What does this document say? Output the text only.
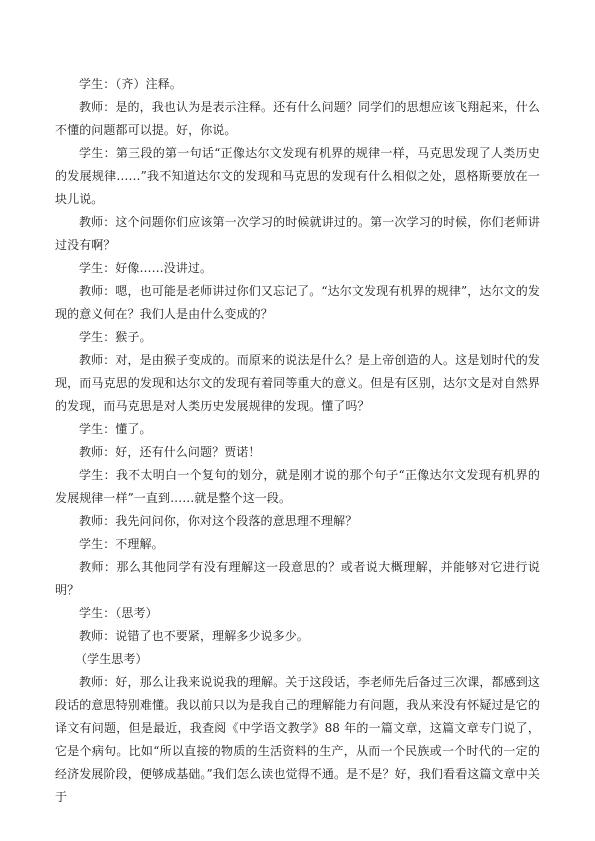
学生：（齐）注释。

教师：是的，我也认为是表示注释。还有什么问题？同学们的思想应该飞翔起来，什么不懂的问题都可以提。好，你说。

学生：第三段的第一句话“正像达尔文发现有机界的规律一样，马克思发现了人类历史的发展规律……”我不知道达尔文的发现和马克思的发现有什么相似之处，恩格斯要放在一块儿说。

教师：这个问题你们应该第一次学习的时候就讲过的。第一次学习的时候，你们老师讲过没有啊？

学生：好像……没讲过。

教师：嗯，也可能是老师讲过你们又忘记了。“达尔文发现有机界的规律”，达尔文的发现的意义何在？我们人是由什么变成的？

学生：猴子。

教师：对，是由猴子变成的。而原来的说法是什么？是上帝创造的人。这是划时代的发现，而马克思的发现和达尔文的发现有着同等重大的意义。但是有区别，达尔文是对自然界的发现，而马克思是对人类历史发展规律的发现。懂了吗？

学生：懂了。

教师：好，还有什么问题？贾诺！

学生：我不太明白一个复句的划分，就是刚才说的那个句子“正像达尔文发现有机界的发展规律一样”一直到……就是整个这一段。

教师：我先问问你，你对这个段落的意思理不理解？

学生：不理解。

教师：那么其他同学有没有理解这一段意思的？或者说大概理解，并能够对它进行说明？

学生：（思考）

教师：说错了也不要紧，理解多少说多少。

（学生思考）

教师：好，那么让我来说说我的理解。关于这段话，李老师先后备过三次课，都感到这段话的意思特别难懂。我以前只以为是我自己的理解能力有问题，我从来没有怀疑过是它的译文有问题，但是最近，我查阅《中学语文教学》88 年的一篇文章，这篇文章专门说了，它是个病句。比如“所以直接的物质的生活资料的生产，从而一个民族或一个时代的一定的经济发展阶段，便够成基础。”我们怎么读也觉得不通。是不是？好，我们看看这篇文章中关于
